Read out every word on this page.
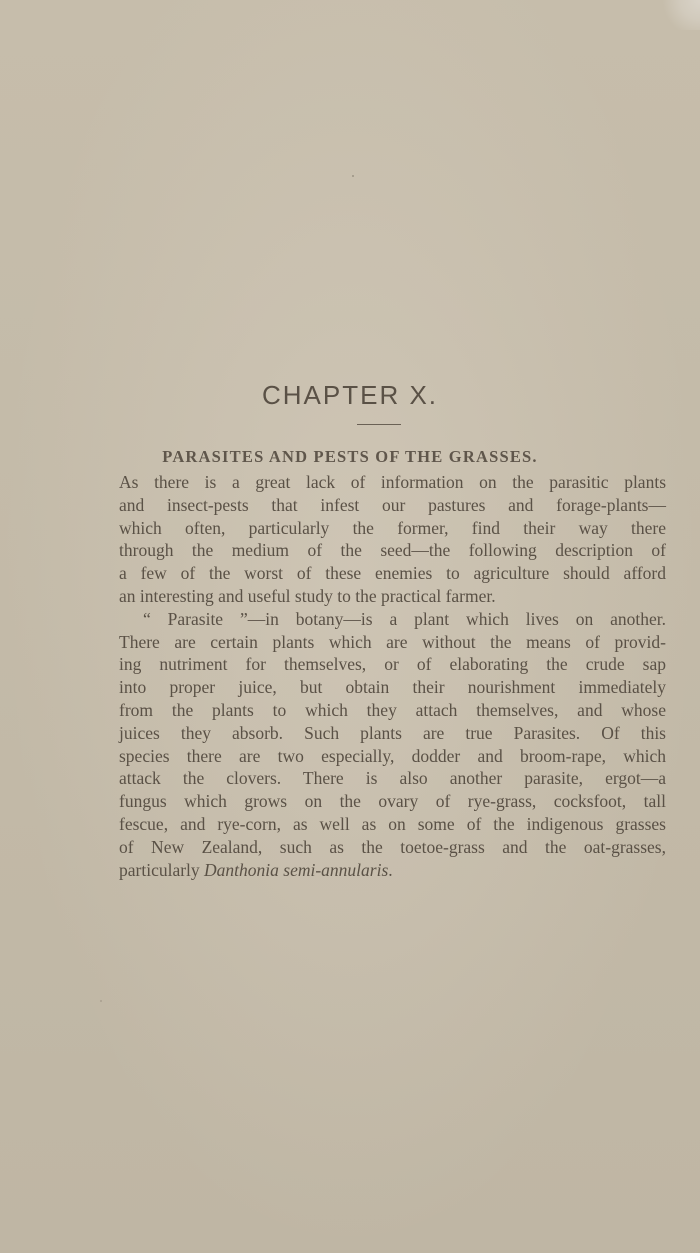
CHAPTER X.
PARASITES AND PESTS OF THE GRASSES.
As there is a great lack of information on the parasitic plants
and insect-pests that infest our pastures and forage-plants—
which often, particularly the former, find their way there
through the medium of the seed—the following description of
a few of the worst of these enemies to agriculture should afford
an interesting and useful study to the practical farmer.
“ Parasite ”—in botany—is a plant which lives on another.
There are certain plants which are without the means of provid-
ing nutriment for themselves, or of elaborating the crude sap
into proper juice, but obtain their nourishment immediately
from the plants to which they attach themselves, and whose
juices they absorb. Such plants are true Parasites. Of this
species there are two especially, dodder and broom-rape, which
attack the clovers. There is also another parasite, ergot—a
fungus which grows on the ovary of rye-grass, cocksfoot, tall
fescue, and rye-corn, as well as on some of the indigenous grasses
of New Zealand, such as the toetoe-grass and the oat-grasses,
particularly Danthonia semi-annularis.
